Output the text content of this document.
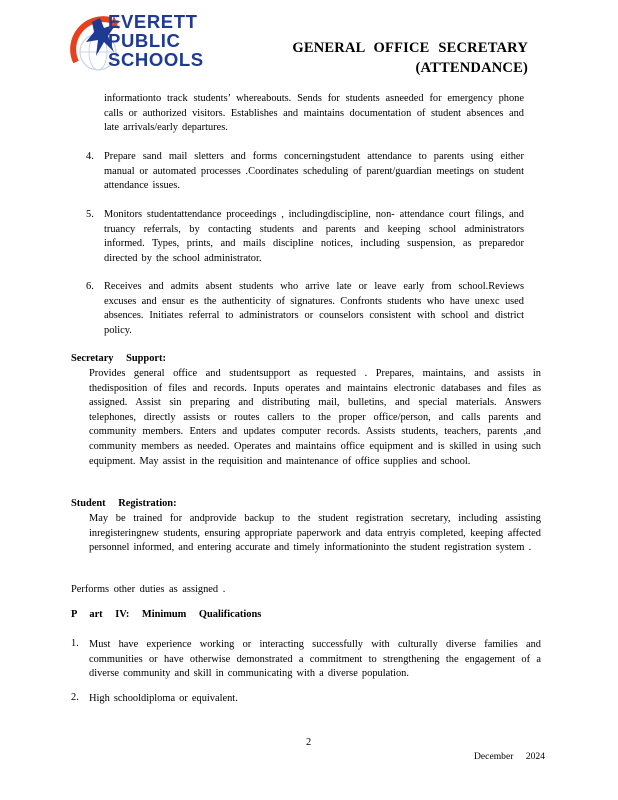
EVERETT
PUBLIC
SCHOOLS
GENERAL OFFICE SECRETARY
(ATTENDANCE)
informationto track students’ whereabouts. Sends for students asneeded for emergency phone calls or authorized visitors. Establishes and maintains documentation of student absences and late arrivals/early departures.
4. Prepare sand mail sletters and forms concerningstudent attendance to parents using either manual or automated processes .Coordinates scheduling of parent/guardian meetings on student attendance issues.
5. Monitors studentattendance proceedings , includingdiscipline, non- attendance court filings, and truancy referrals, by contacting students and parents and keeping school administrators informed. Types, prints, and mails discipline notices, including suspension, as preparedor directed by the school administrator.
6. Receives and admits absent students who arrive late or leave early from school.Reviews excuses and ensur es the authenticity of signatures. Confronts students who have unexc used absences. Initiates referral to administrators or counselors consistent with school and district policy.
Secretary Support:
Provides general office and studentsupport as requested . Prepares, maintains, and assists in thedisposition of files and records. Inputs operates and maintains electronic databases and files as assigned. Assist sin preparing and distributing mail, bulletins, and special materials. Answers telephones, directly assists or routes callers to the proper office/person, and calls parents and community members. Enters and updates computer records. Assists students, teachers, parents ,and community members as needed. Operates and maintains office equipment and is skilled in using such equipment. May assist in the requisition and maintenance of office supplies and school.
Student Registration:
May be trained for andprovide backup to the student registration secretary, including assisting inregisteringnew students, ensuring appropriate paperwork and data entryis completed, keeping affected personnel informed, and entering accurate and timely informationinto the student registration system .
Performs other duties as assigned .
P art IV: Minimum Qualifications
1. Must have experience working or interacting successfully with culturally diverse families and communities or have otherwise demonstrated a commitment to strengthening the engagement of a diverse community and skill in communicating with a diverse population.
2. High schooldiploma or equivalent.
2
December 2024
